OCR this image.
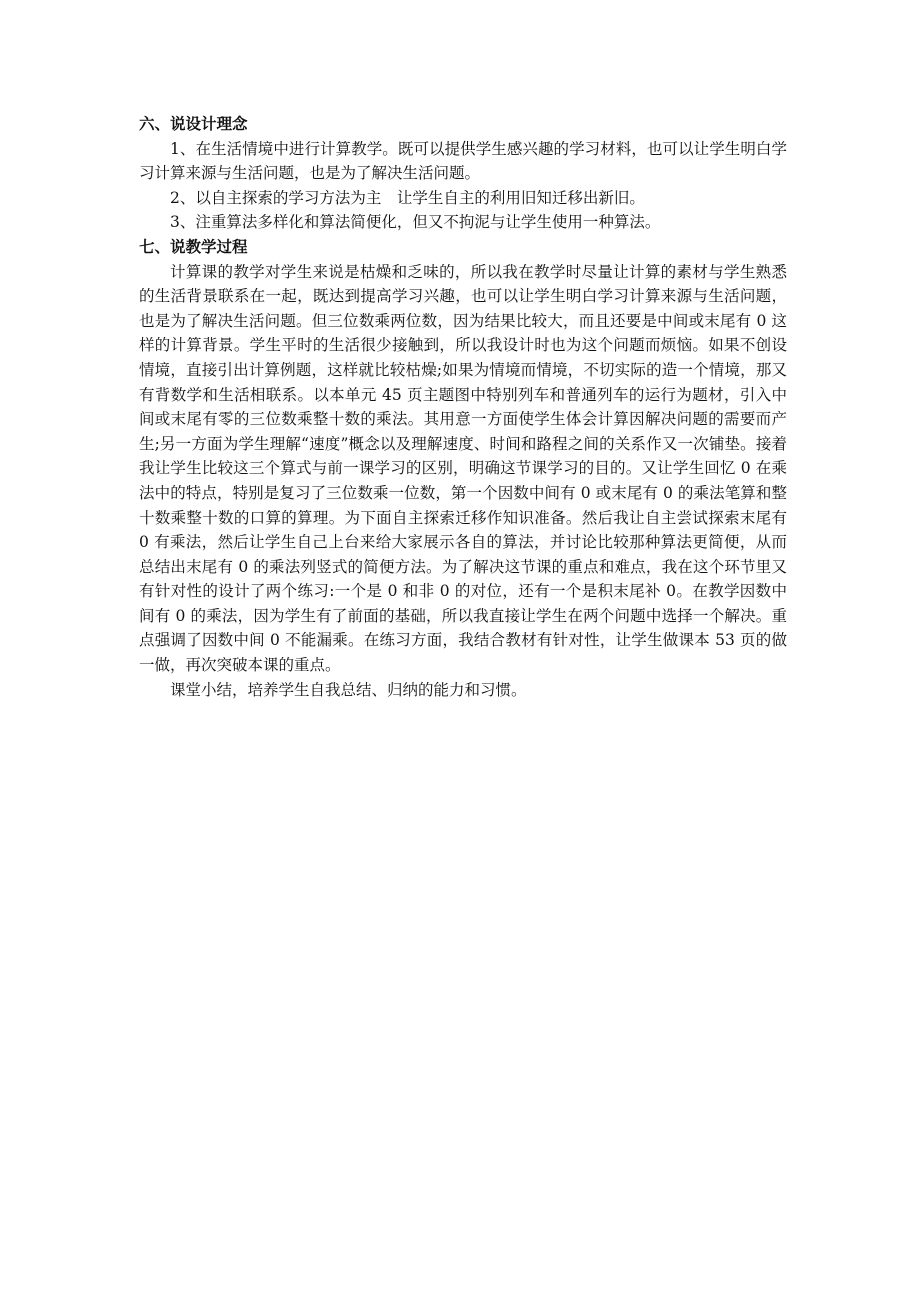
六、说设计理念

1、在生活情境中进行计算教学。既可以提供学生感兴趣的学习材料，也可以让学生明白学习计算来源与生活问题，也是为了解决生活问题。

2、以自主探索的学习方法为主　让学生自主的利用旧知迁移出新旧。

3、注重算法多样化和算法简便化，但又不拘泥与让学生使用一种算法。

七、说教学过程

计算课的教学对学生来说是枯燥和乏味的，所以我在教学时尽量让计算的素材与学生熟悉的生活背景联系在一起，既达到提高学习兴趣，也可以让学生明白学习计算来源与生活问题，也是为了解决生活问题。但三位数乘两位数，因为结果比较大，而且还要是中间或末尾有 0 这样的计算背景。学生平时的生活很少接触到，所以我设计时也为这个问题而烦恼。如果不创设情境，直接引出计算例题，这样就比较枯燥;如果为情境而情境，不切实际的造一个情境，那又有背数学和生活相联系。以本单元 45 页主题图中特别列车和普通列车的运行为题材，引入中间或末尾有零的三位数乘整十数的乘法。其用意一方面使学生体会计算因解决问题的需要而产生;另一方面为学生理解“速度”概念以及理解速度、时间和路程之间的关系作又一次铺垫。接着我让学生比较这三个算式与前一课学习的区别，明确这节课学习的目的。又让学生回忆 0 在乘法中的特点，特别是复习了三位数乘一位数，第一个因数中间有 0 或末尾有 0 的乘法笔算和整十数乘整十数的口算的算理。为下面自主探索迁移作知识准备。然后我让自主尝试探索末尾有 0 有乘法，然后让学生自己上台来给大家展示各自的算法，并讨论比较那种算法更简便，从而总结出末尾有 0 的乘法列竖式的简便方法。为了解决这节课的重点和难点，我在这个环节里又有针对性的设计了两个练习:一个是 0 和非 0 的对位，还有一个是积末尾补 0。在教学因数中间有 0 的乘法，因为学生有了前面的基础，所以我直接让学生在两个问题中选择一个解决。重点强调了因数中间 0 不能漏乘。在练习方面，我结合教材有针对性，让学生做课本 53 页的做一做，再次突破本课的重点。

课堂小结，培养学生自我总结、归纳的能力和习惯。
